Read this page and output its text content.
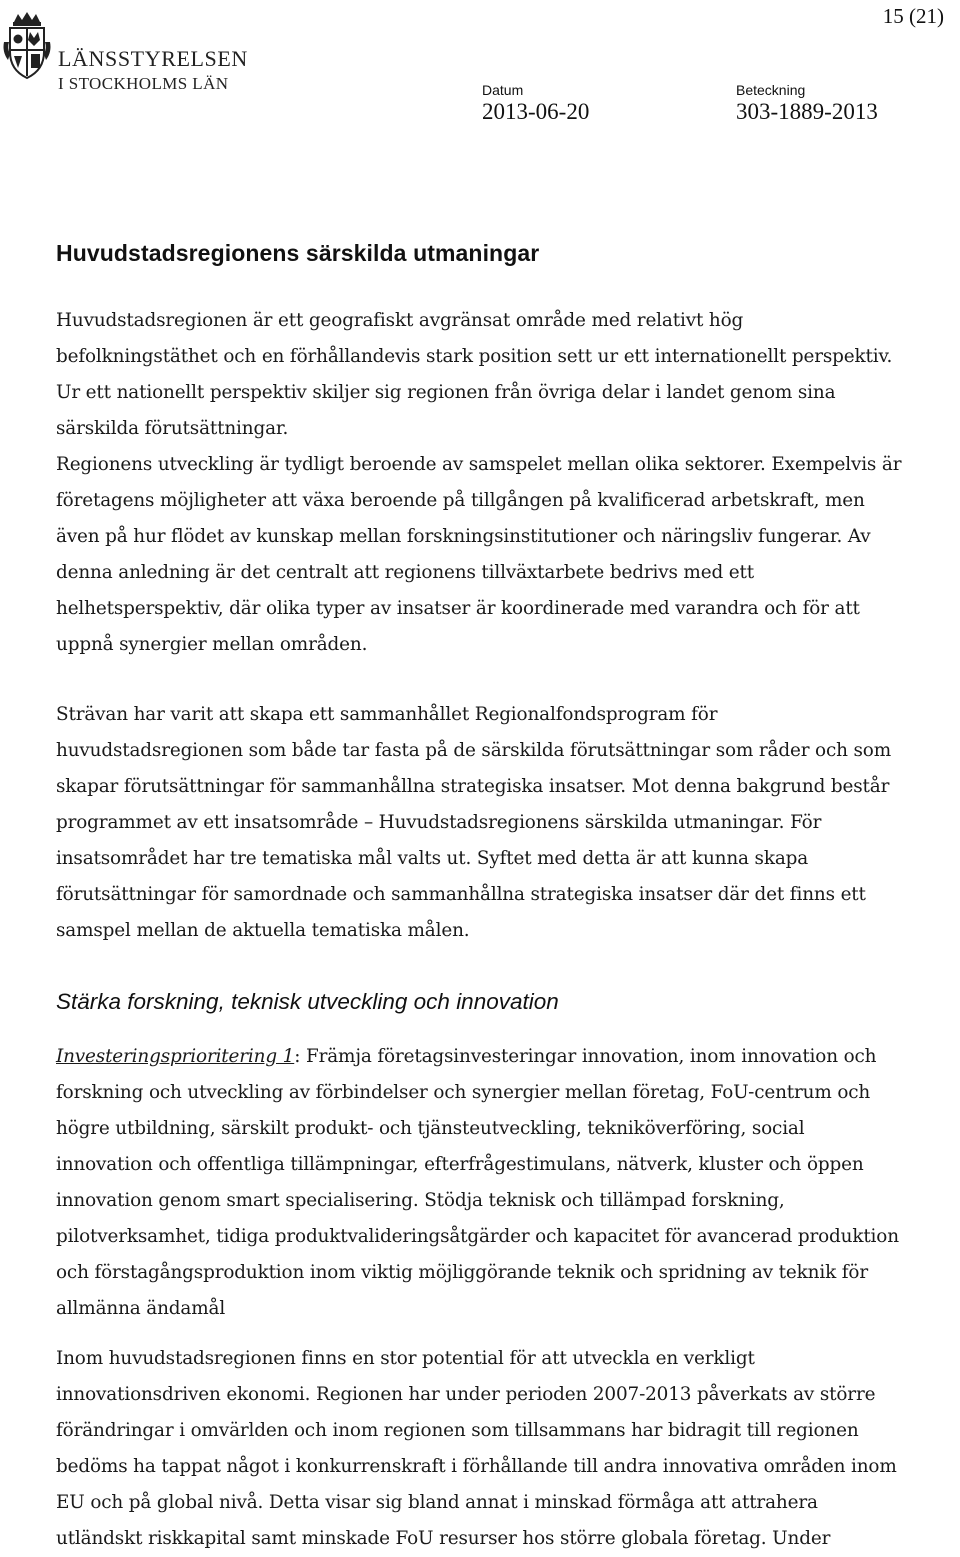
15 (21)
LÄNSSTYRELSEN
I STOCKHOLMS LÄN	Datum
2013-06-20
Beteckning
303-1889-2013
Huvudstadsregionens särskilda utmaningar

Huvudstadsregionen är ett geografiskt avgränsat område med relativt hög befolkningstäthet och en förhållandevis stark position sett ur ett internationellt perspektiv. Ur ett nationellt perspektiv skiljer sig regionen från övriga delar i landet genom sina särskilda förutsättningar.

Regionens utveckling är tydligt beroende av samspelet mellan olika sektorer. Exempelvis är företagens möjligheter att växa beroende på tillgången på kvalificerad arbetskraft, men även på hur flödet av kunskap mellan forskningsinstitutioner och näringsliv fungerar. Av denna anledning är det centralt att regionens tillväxtarbete bedrivs med ett helhetsperspektiv, där olika typer av insatser är koordinerade med varandra och för att uppnå synergier mellan områden.

Strävan har varit att skapa ett sammanhållet Regionalfondsprogram för huvudstadsregionen som både tar fasta på de särskilda förutsättningar som råder och som skapar förutsättningar för sammanhållna strategiska insatser. Mot denna bakgrund består programmet av ett insatsområde – Huvudstadsregionens särskilda utmaningar. För insatsområdet har tre tematiska mål valts ut. Syftet med detta är att kunna skapa förutsättningar för samordnade och sammanhållna strategiska insatser där det finns ett samspel mellan de aktuella tematiska målen.

Stärka forskning, teknisk utveckling och innovation

Investeringsprioritering 1: Främja företagsinvesteringar innovation, inom innovation och forskning och utveckling av förbindelser och synergier mellan företag, FoU-centrum och högre utbildning, särskilt produkt- och tjänsteutveckling, tekniköverföring, social innovation och offentliga tillämpningar, efterfrågestimulans, nätverk, kluster och öppen innovation genom smart specialisering. Stödja teknisk och tillämpad forskning, pilotverksamhet, tidiga produktvalideringsåtgärder och kapacitet för avancerad produktion och förstagångsproduktion inom viktig möjliggörande teknik och spridning av teknik för allmänna ändamål

Inom huvudstadsregionen finns en stor potential för att utveckla en verkligt innovationsdriven ekonomi. Regionen har under perioden 2007-2013 påverkats av större förändringar i omvärlden och inom regionen som tillsammans har bidragit till regionen bedöms ha tappat något i konkurrenskraft i förhållande till andra innovativa områden inom EU och på global nivå. Detta visar sig bland annat i minskad förmåga att attrahera utländskt riskkapital samt minskade FoU resurser hos större globala företag. Under
